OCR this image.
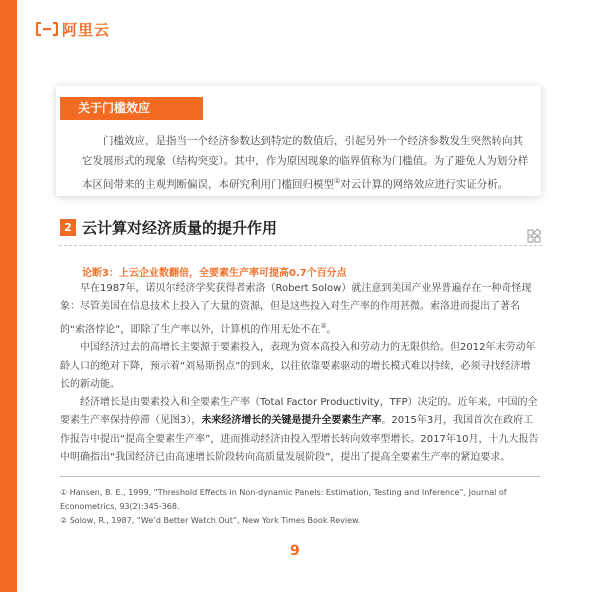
阿里云
关于门槛效应
门槛效应，是指当一个经济参数达到特定的数值后，引起另外一个经济参数发生突然转向其它发展形式的现象（结构突变）。其中，作为原因现象的临界值称为门槛值。为了避免人为划分样本区间带来的主观判断偏误，本研究利用门槛回归模型①对云计算的网络效应进行实证分析。
2 云计算对经济质量的提升作用
论断3：上云企业数翻倍，全要素生产率可提高0.7个百分点

早在1987年，诺贝尔经济学奖获得者索洛（Robert Solow）就注意到美国产业界普遍存在一种奇怪现象：尽管美国在信息技术上投入了大量的资源，但是这些投入对生产率的作用甚微。索洛进而提出了著名的“索洛悖论”，即除了生产率以外，计算机的作用无处不在②。

中国经济过去的高增长主要源于要素投入，表现为资本高投入和劳动力的无限供给。但2012年末劳动年龄人口的绝对下降，预示着“刘易斯拐点”的到来，以往依靠要素驱动的增长模式难以持续，必须寻找经济增长的新动能。

经济增长是由要素投入和全要素生产率（Total Factor Productivity，TFP）决定的。近年来，中国的全要素生产率保持停滞（见图3），未来经济增长的关键是提升全要素生产率。2015年3月，我国首次在政府工作报告中提出“提高全要素生产率”，进而推动经济由投入型增长转向效率型增长。2017年10月，十九大报告中明确指出“我国经济已由高速增长阶段转向高质量发展阶段”，提出了提高全要素生产率的紧迫要求。

① Hansen, B. E., 1999, “Threshold Effects in Non-dynamic Panels: Estimation, Testing and Inference”, Journal of Econometrics, 93(2):345-368.

② Solow, R., 1987, “We’d Better Watch Out”, New York Times Book Review.

9
